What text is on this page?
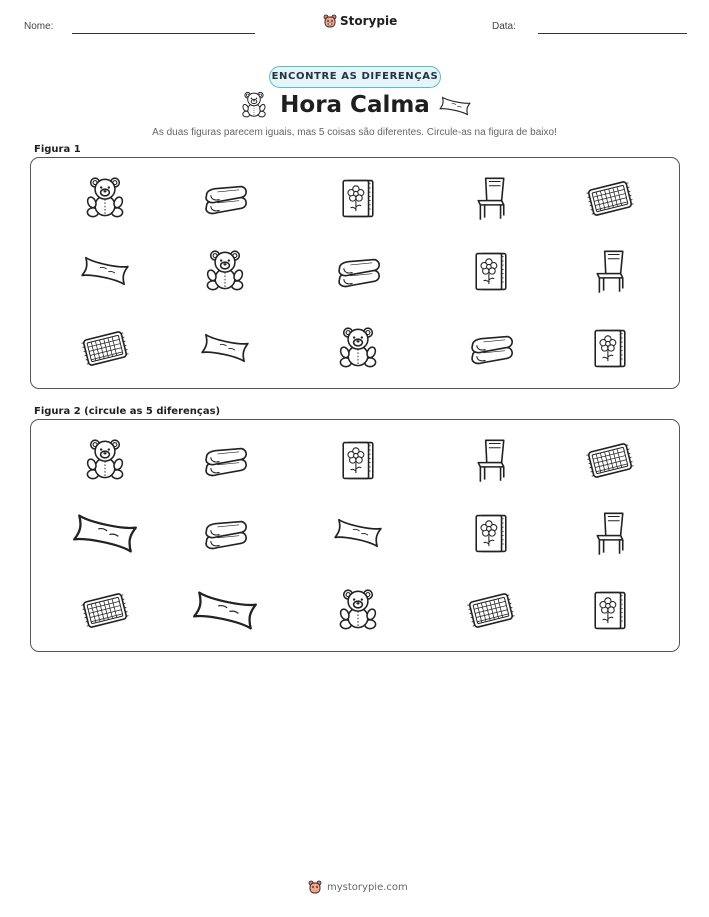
Nome:	Storypie	Data:
ENCONTRE AS DIFERENÇAS
Hora Calma
As duas figuras parecem iguais, mas 5 coisas são diferentes. Circule-as na figura de baixo!
Figura 1
Figura 2 (circule as 5 diferenças)
mystorypie.com
